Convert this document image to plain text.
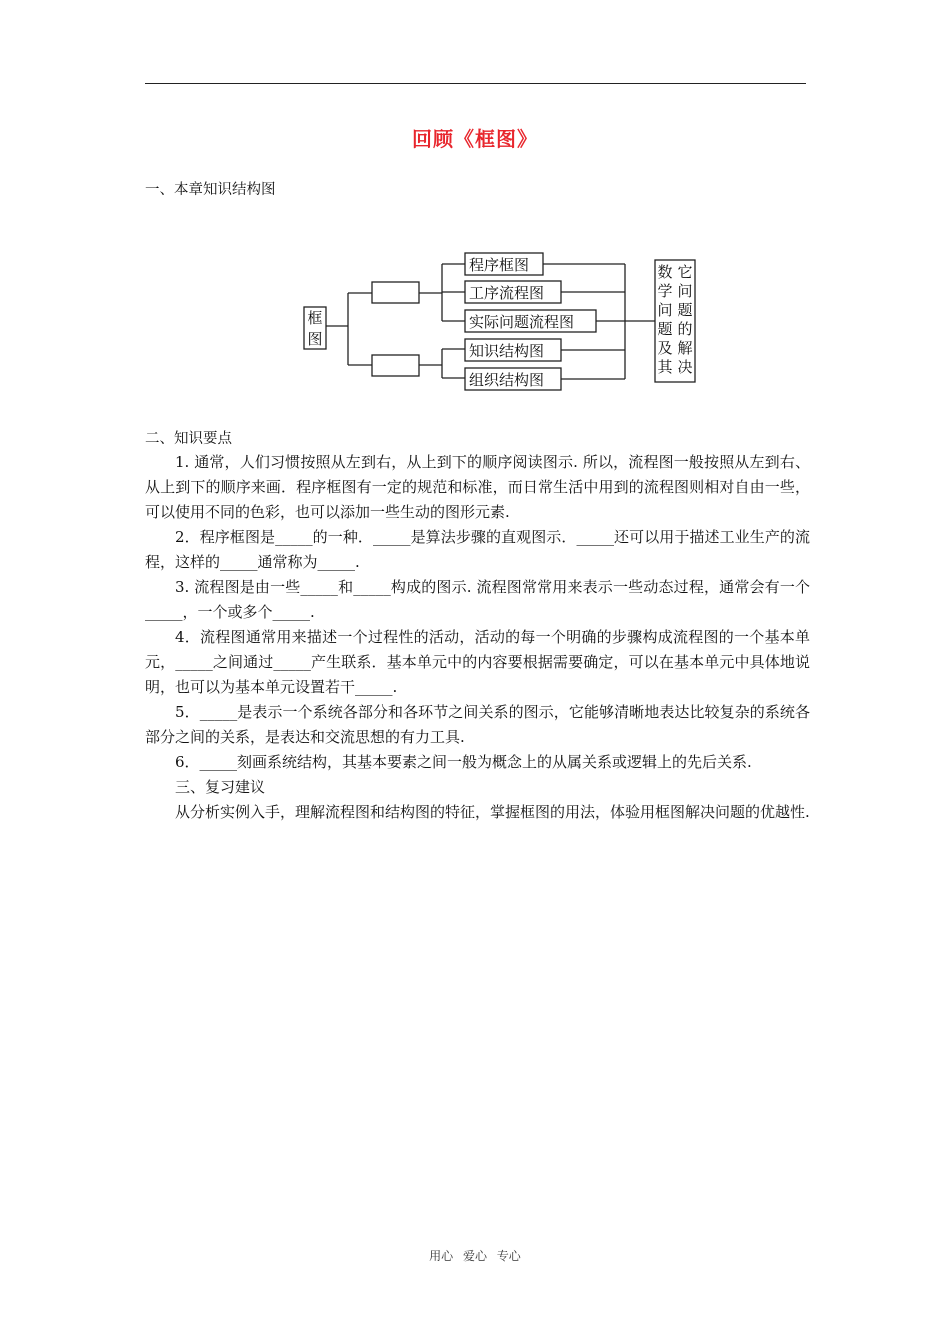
回顾《框图》
一、本章知识结构图
框
图
程序框图
工序流程图
实际问题流程图
知识结构图
组织结构图
它
问
题
的
解
决
数
学
问
题
及
其
二、知识要点

1. 通常，人们习惯按照从左到右，从上到下的顺序阅读图示. 所以，流程图一般按照从左到右、从上到下的顺序来画．程序框图有一定的规范和标准，而日常生活中用到的流程图则相对自由一些，可以使用不同的色彩，也可以添加一些生动的图形元素.

2．程序框图是_____的一种．_____是算法步骤的直观图示．_____还可以用于描述工业生产的流程，这样的_____通常称为_____.

3. 流程图是由一些_____和_____构成的图示. 流程图常常用来表示一些动态过程，通常会有一个_____，一个或多个_____.

4．流程图通常用来描述一个过程性的活动，活动的每一个明确的步骤构成流程图的一个基本单元，_____之间通过_____产生联系．基本单元中的内容要根据需要确定，可以在基本单元中具体地说明，也可以为基本单元设置若干_____.

5．_____是表示一个系统各部分和各环节之间关系的图示，它能够清晰地表达比较复杂的系统各部分之间的关系，是表达和交流思想的有力工具.

6．_____刻画系统结构，其基本要素之间一般为概念上的从属关系或逻辑上的先后关系.

三、复习建议

从分析实例入手，理解流程图和结构图的特征，掌握框图的用法，体验用框图解决问题的优越性.

用心 爱心 专心
